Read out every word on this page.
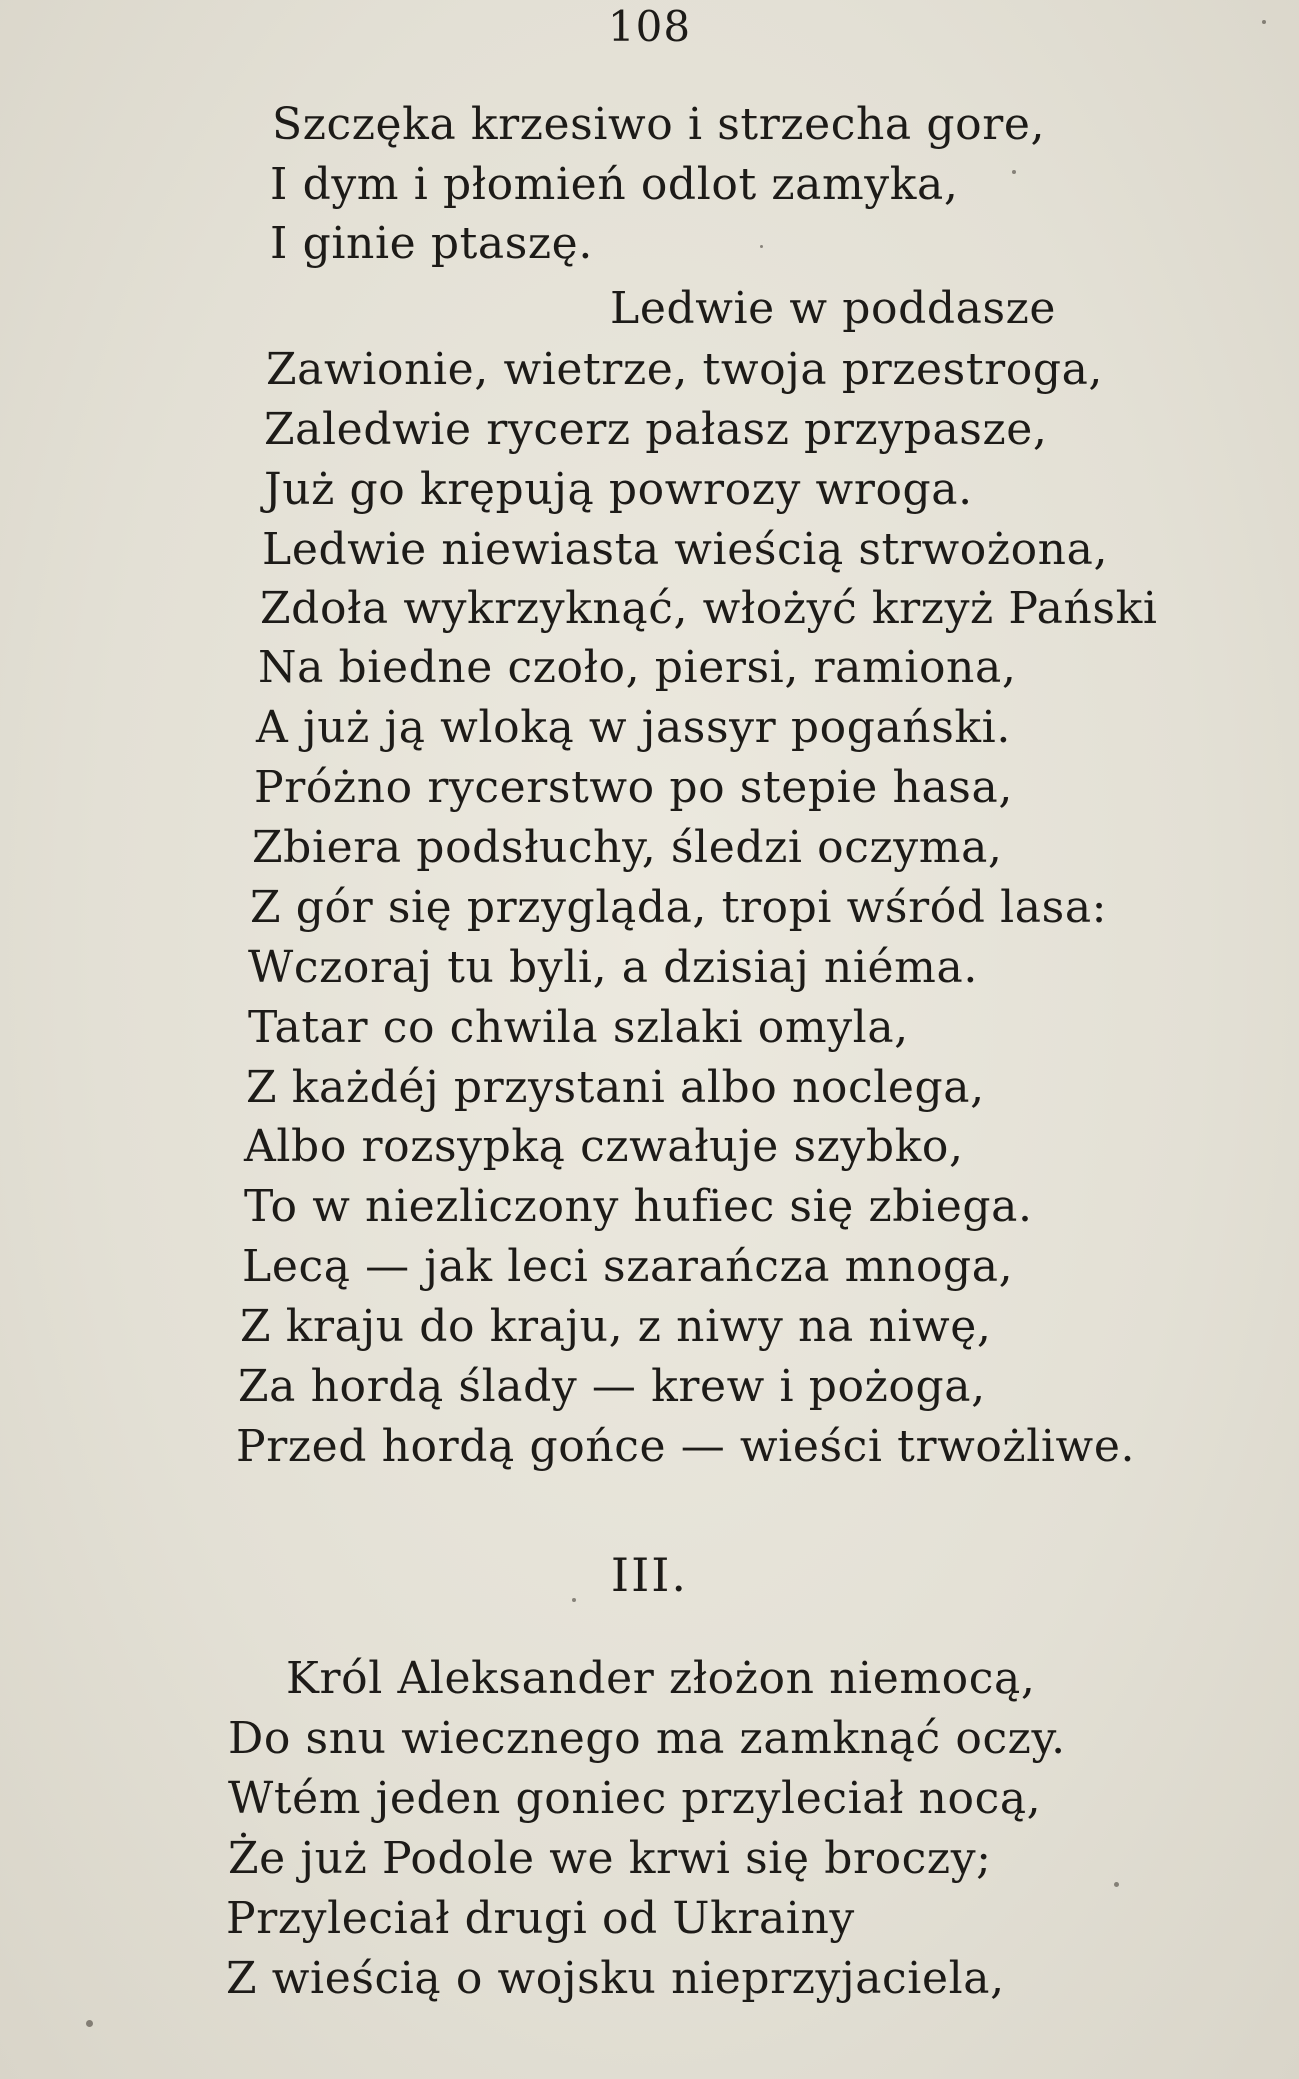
108
Szczęka krzesiwo i strzecha gore,
I dym i płomień odlot zamyka,
I ginie ptaszę.
Ledwie w poddasze
Zawionie, wietrze, twoja przestroga,
Zaledwie rycerz pałasz przypasze,
Już go krępują powrozy wroga.
Ledwie niewiasta wieścią strwożona,
Zdoła wykrzyknąć, włożyć krzyż Pański
Na biedne czoło, piersi, ramiona,
A już ją wloką w jassyr pogański.
Próżno rycerstwo po stepie hasa,
Zbiera podsłuchy, śledzi oczyma,
Z gór się przygląda, tropi wśród lasa:
Wczoraj tu byli, a dzisiaj niéma.
Tatar co chwila szlaki omyla,
Z każdéj przystani albo noclega,
Albo rozsypką czwałuje szybko,
To w niezliczony hufiec się zbiega.
Lecą — jak leci szarańcza mnoga,
Z kraju do kraju, z niwy na niwę,
Za hordą ślady — krew i pożoga,
Przed hordą gońce — wieści trwożliwe.
III.
Król Aleksander złożon niemocą,
Do snu wiecznego ma zamknąć oczy.
Wtém jeden goniec przyleciał nocą,
Że już Podole we krwi się broczy;
Przyleciał drugi od Ukrainy
Z wieścią o wojsku nieprzyjaciela,
